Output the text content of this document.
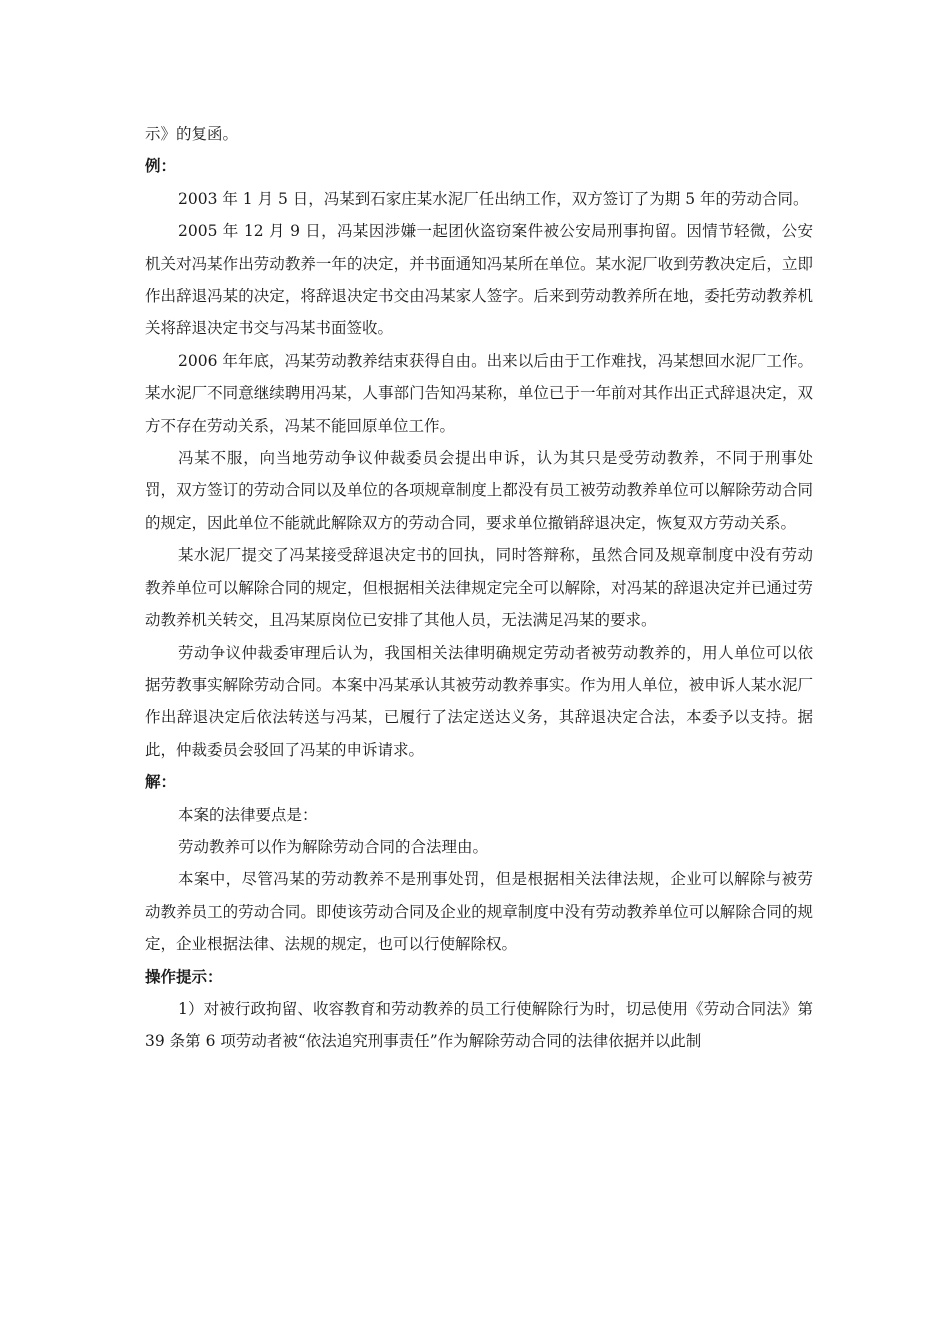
示》的复函。

例：

2003 年 1 月 5 日，冯某到石家庄某水泥厂任出纳工作，双方签订了为期 5 年的劳动合同。

2005 年 12 月 9 日，冯某因涉嫌一起团伙盗窃案件被公安局刑事拘留。因情节轻微，公安机关对冯某作出劳动教养一年的决定，并书面通知冯某所在单位。某水泥厂收到劳教决定后，立即作出辞退冯某的决定，将辞退决定书交由冯某家人签字。后来到劳动教养所在地，委托劳动教养机关将辞退决定书交与冯某书面签收。

2006 年年底，冯某劳动教养结束获得自由。出来以后由于工作难找，冯某想回水泥厂工作。某水泥厂不同意继续聘用冯某，人事部门告知冯某称，单位已于一年前对其作出正式辞退决定，双方不存在劳动关系，冯某不能回原单位工作。

冯某不服，向当地劳动争议仲裁委员会提出申诉，认为其只是受劳动教养，不同于刑事处罚，双方签订的劳动合同以及单位的各项规章制度上都没有员工被劳动教养单位可以解除劳动合同的规定，因此单位不能就此解除双方的劳动合同，要求单位撤销辞退决定，恢复双方劳动关系。

某水泥厂提交了冯某接受辞退决定书的回执，同时答辩称，虽然合同及规章制度中没有劳动教养单位可以解除合同的规定，但根据相关法律规定完全可以解除，对冯某的辞退决定并已通过劳动教养机关转交，且冯某原岗位已安排了其他人员，无法满足冯某的要求。

劳动争议仲裁委审理后认为，我国相关法律明确规定劳动者被劳动教养的，用人单位可以依据劳教事实解除劳动合同。本案中冯某承认其被劳动教养事实。作为用人单位，被申诉人某水泥厂作出辞退决定后依法转送与冯某，已履行了法定送达义务，其辞退决定合法，本委予以支持。据此，仲裁委员会驳回了冯某的申诉请求。

解：

本案的法律要点是：

劳动教养可以作为解除劳动合同的合法理由。

本案中，尽管冯某的劳动教养不是刑事处罚，但是根据相关法律法规，企业可以解除与被劳动教养员工的劳动合同。即使该劳动合同及企业的规章制度中没有劳动教养单位可以解除合同的规定，企业根据法律、法规的规定，也可以行使解除权。

操作提示：

1）对被行政拘留、收容教育和劳动教养的员工行使解除行为时，切忌使用《劳动合同法》第 39 条第 6 项劳动者被“依法追究刑事责任”作为解除劳动合同的法律依据并以此制
